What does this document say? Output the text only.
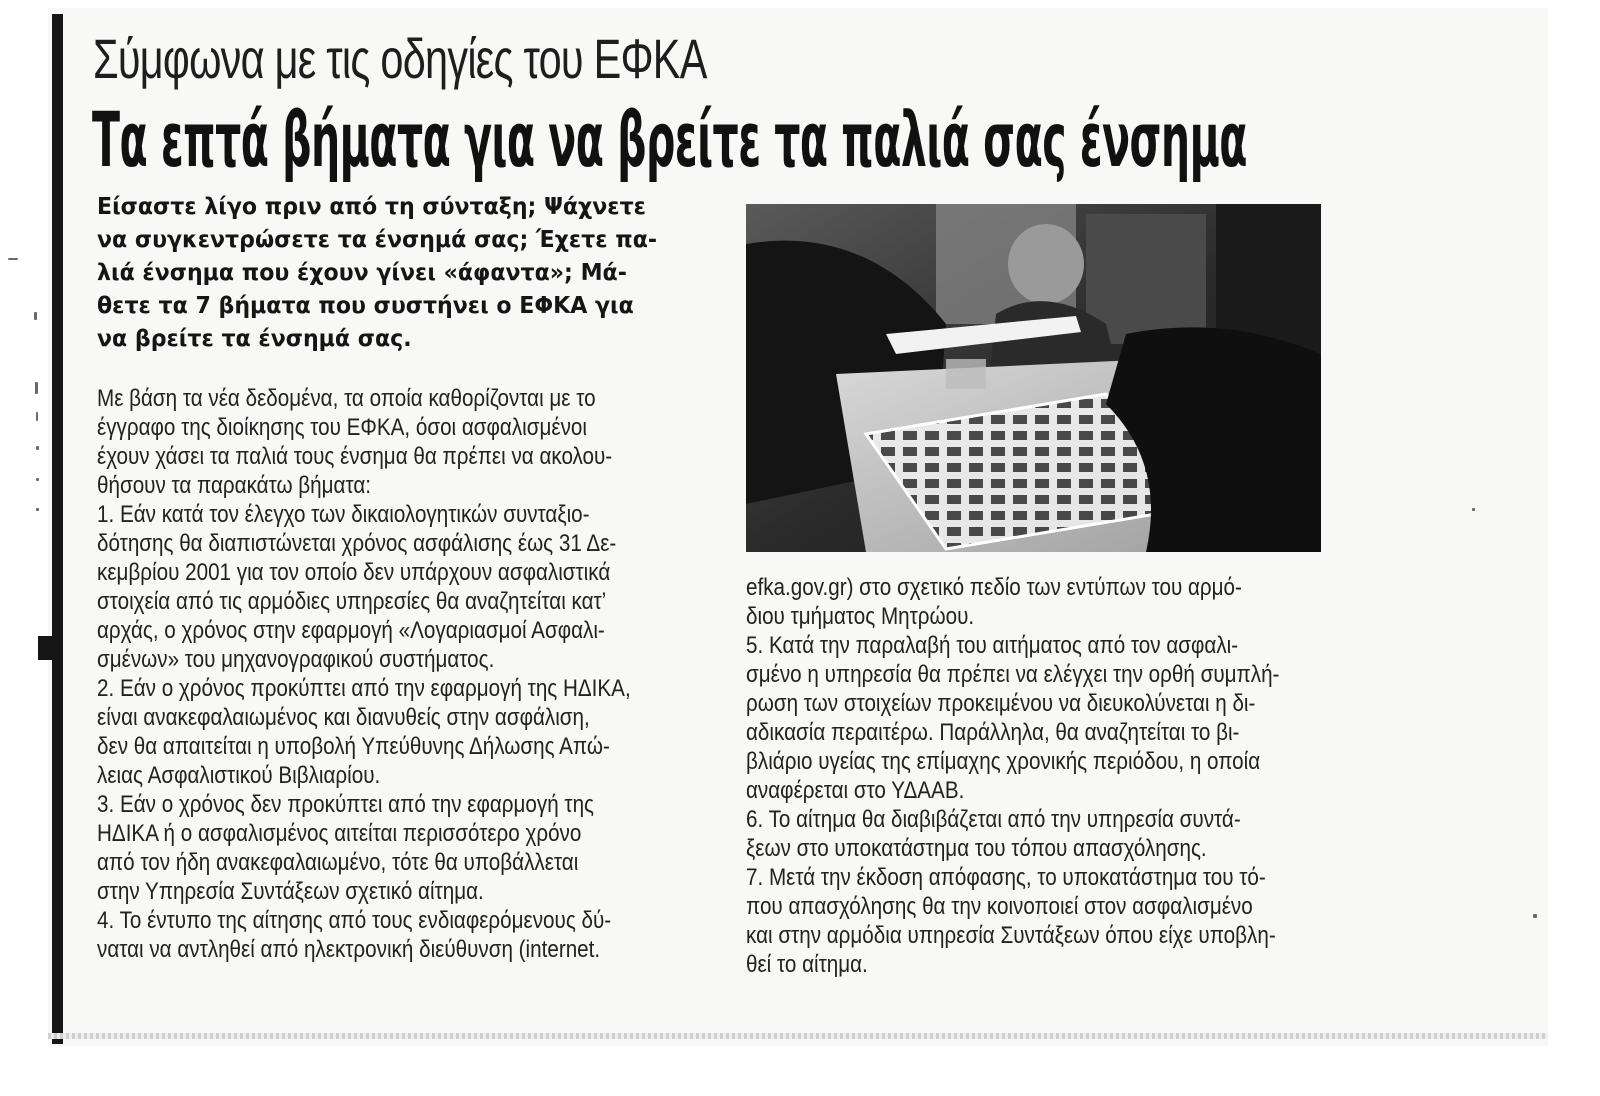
Σύμφωνα με τις οδηγίες του ΕΦΚΑ
Τα επτά βήματα για να βρείτε τα παλιά σας ένσημα

Είσαστε λίγο πριν από τη σύνταξη; Ψάχνετε

να συγκεντρώσετε τα ένσημά σας; Έχετε πα-

λιά ένσημα που έχουν γίνει «άφαντα»; Μά-

θετε τα 7 βήματα που συστήνει ο ΕΦΚΑ για

να βρείτε τα ένσημά σας.

Με βάση τα νέα δεδομένα, τα οποία καθορίζονται με το

έγγραφο της διοίκησης του ΕΦΚΑ, όσοι ασφαλισμένοι

έχουν χάσει τα παλιά τους ένσημα θα πρέπει να ακολου-

θήσουν τα παρακάτω βήματα:

1. Εάν κατά τον έλεγχο των δικαιολογητικών συνταξιο-

δότησης θα διαπιστώνεται χρόνος ασφάλισης έως 31 Δε-

κεμβρίου 2001 για τον οποίο δεν υπάρχουν ασφαλιστικά

στοιχεία από τις αρμόδιες υπηρεσίες θα αναζητείται κατ’

αρχάς, ο χρόνος στην εφαρμογή «Λογαριασμοί Ασφαλι-

σμένων» του μηχανογραφικού συστήματος.

2. Εάν ο χρόνος προκύπτει από την εφαρμογή της ΗΔΙΚΑ,

είναι ανακεφαλαιωμένος και διανυθείς στην ασφάλιση,

δεν θα απαιτείται η υποβολή Υπεύθυνης Δήλωσης Απώ-

λειας Ασφαλιστικού Βιβλιαρίου.

3. Εάν ο χρόνος δεν προκύπτει από την εφαρμογή της

ΗΔΙΚΑ ή ο ασφαλισμένος αιτείται περισσότερο χρόνο

από τον ήδη ανακεφαλαιωμένο, τότε θα υποβάλλεται

στην Υπηρεσία Συντάξεων σχετικό αίτημα.

4. Το έντυπο της αίτησης από τους ενδιαφερόμενους δύ-

ναται να αντληθεί από ηλεκτρονική διεύθυνση (internet.

efka.gov.gr) στο σχετικό πεδίο των εντύπων του αρμό-

διου τμήματος Μητρώου.

5. Κατά την παραλαβή του αιτήματος από τον ασφαλι-

σμένο η υπηρεσία θα πρέπει να ελέγχει την ορθή συμπλή-

ρωση των στοιχείων προκειμένου να διευκολύνεται η δι-

αδικασία περαιτέρω. Παράλληλα, θα αναζητείται το βι-

βλιάριο υγείας της επίμαχης χρονικής περιόδου, η οποία

αναφέρεται στο ΥΔΑΑΒ.

6. Το αίτημα θα διαβιβάζεται από την υπηρεσία συντά-

ξεων στο υποκατάστημα του τόπου απασχόλησης.

7. Μετά την έκδοση απόφασης, το υποκατάστημα του τό-

που απασχόλησης θα την κοινοποιεί στον ασφαλισμένο

και στην αρμόδια υπηρεσία Συντάξεων όπου είχε υποβλη-

θεί το αίτημα.
